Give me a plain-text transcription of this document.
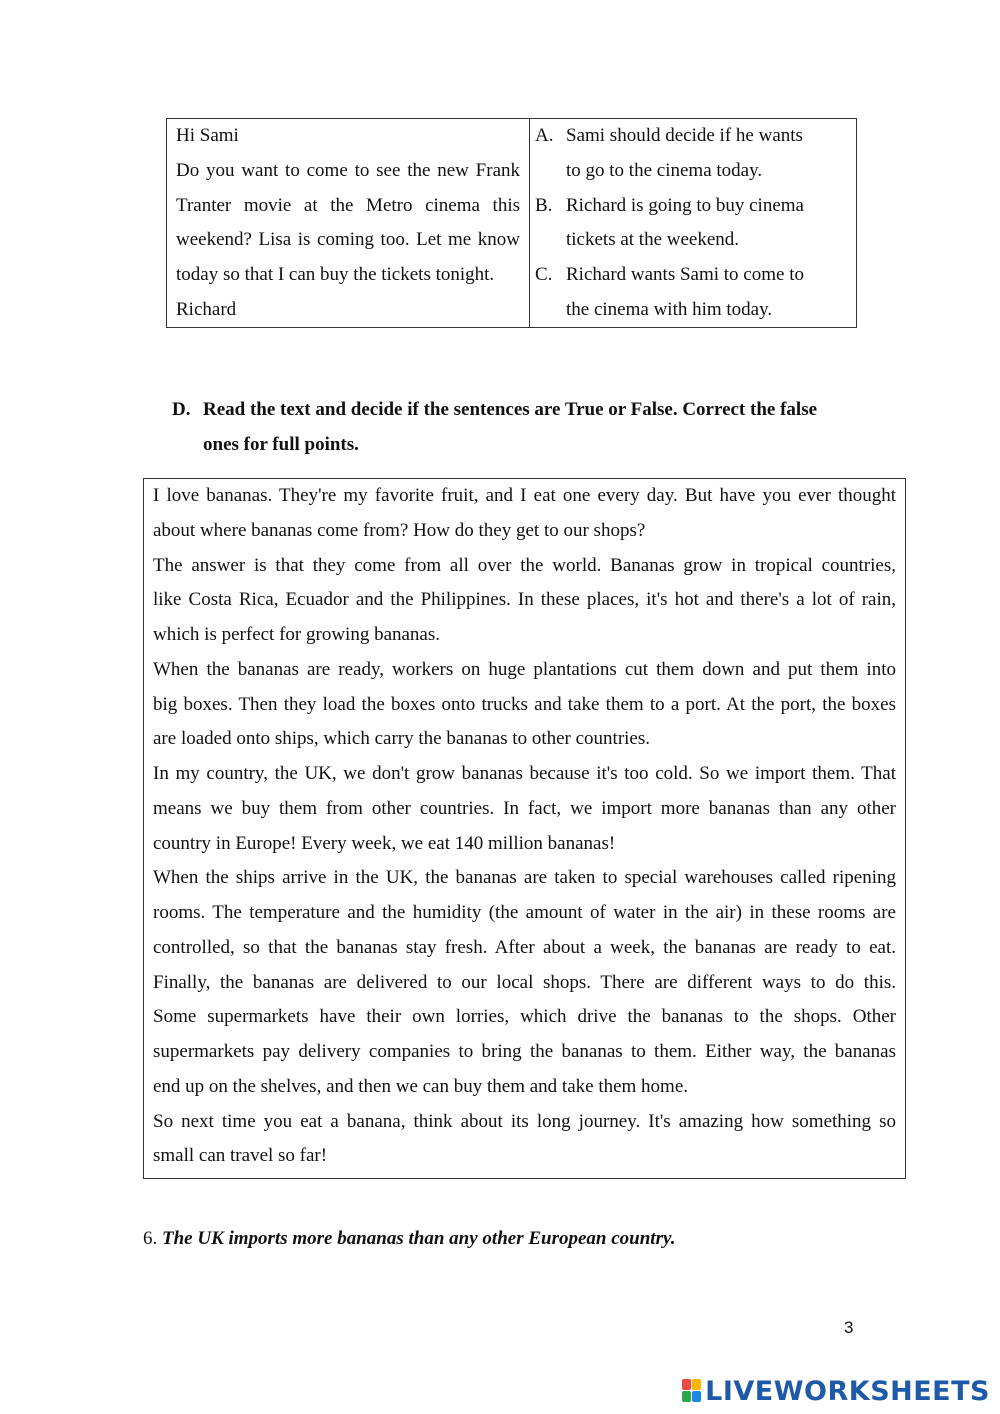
Hi Sami
Do you want to come to see the new Frank
Tranter movie at the Metro cinema this
weekend? Lisa is coming too. Let me know
today so that I can buy the tickets tonight.
Richard
A. Sami should decide if he wants
to go to the cinema today.
B. Richard is going to buy cinema
tickets at the weekend.
C. Richard wants Sami to come to
the cinema with him today.
D. Read the text and decide if the sentences are True or False. Correct the false
ones for full points.
I love bananas. They're my favorite fruit, and I eat one every day. But have you ever thought
about where bananas come from? How do they get to our shops?
The answer is that they come from all over the world. Bananas grow in tropical countries,
like Costa Rica, Ecuador and the Philippines. In these places, it's hot and there's a lot of rain,
which is perfect for growing bananas.
When the bananas are ready, workers on huge plantations cut them down and put them into
big boxes. Then they load the boxes onto trucks and take them to a port. At the port, the boxes
are loaded onto ships, which carry the bananas to other countries.
In my country, the UK, we don't grow bananas because it's too cold. So we import them. That
means we buy them from other countries. In fact, we import more bananas than any other
country in Europe! Every week, we eat 140 million bananas!
When the ships arrive in the UK, the bananas are taken to special warehouses called ripening
rooms. The temperature and the humidity (the amount of water in the air) in these rooms are
controlled, so that the bananas stay fresh. After about a week, the bananas are ready to eat.
Finally, the bananas are delivered to our local shops. There are different ways to do this.
Some supermarkets have their own lorries, which drive the bananas to the shops. Other
supermarkets pay delivery companies to bring the bananas to them. Either way, the bananas
end up on the shelves, and then we can buy them and take them home.
So next time you eat a banana, think about its long journey. It's amazing how something so
small can travel so far!
6. The UK imports more bananas than any other European country.
3
LIVEWORKSHEETS
